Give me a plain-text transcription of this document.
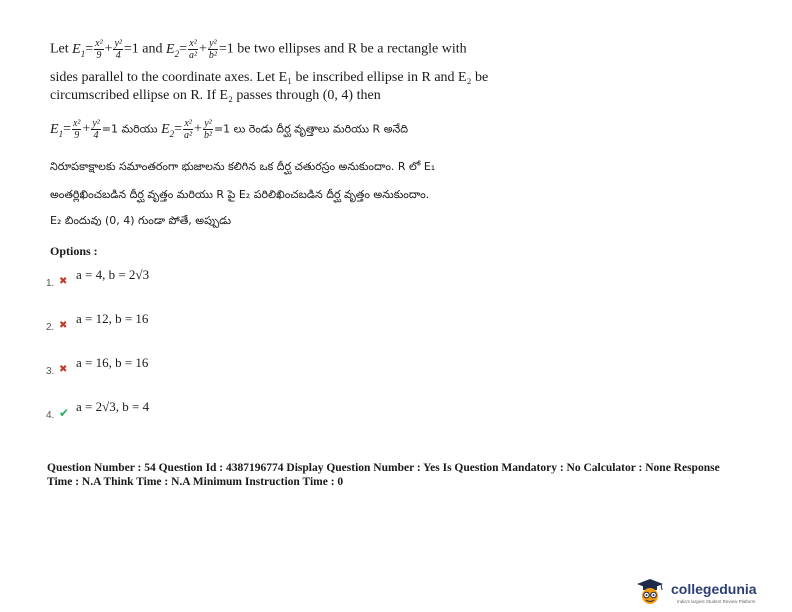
Let $E_1= \frac{\text{x²}}{9} + \frac{\text{y²}}{4} =1$ and $E_2= \frac{\text{x²}}{\text{a²}} + \frac{\text{y²}}{\text{b²}} =1$ be two ellipses and R be a rectangle with
sides parallel to the coordinate axes. Let E₁ be inscribed ellipse in R and E₂ be
circumscribed ellipse on R. If E₂ passes through (0, 4) then
$E_1= \frac{\text{x²}}{9} + \frac{\text{y²}}{4} =1$ మరియు $E_2= \frac{\text{x²}}{\text{a²}} + \frac{\text{y²}}{\text{b²}} =1$ లు రెండు దీర్ఘ వృత్తాలు మరియు R అనేది
నిరూపకాక్షాలకు సమాంతరంగా భుజాలను కలిగిన ఒక దీర్ఘ చతురస్రం అనుకుందాం. R లో E₁
అంతర్లిఖించబడిన దీర్ఘ వృత్తం మరియు R పై E₂ పరిలిఖించబడిన దీర్ఘ వృత్తం అనుకుందాం.
E₂ బిందువు (0, 4) గుండా పోతే, అప్పుడు
Options :
1. ✖ a = 4, b = 2√3
2. ✖ a = 12, b = 16
3. ✖ a = 16, b = 16
4. ✔ a = 2√3, b = 4
Question Number : 54 Question Id : 4387196774 Display Question Number : Yes Is Question Mandatory : No Calculator : None Response
Time : N.A Think Time : N.A Minimum Instruction Time : 0
collegedunia
India's largest Student Review Platform
